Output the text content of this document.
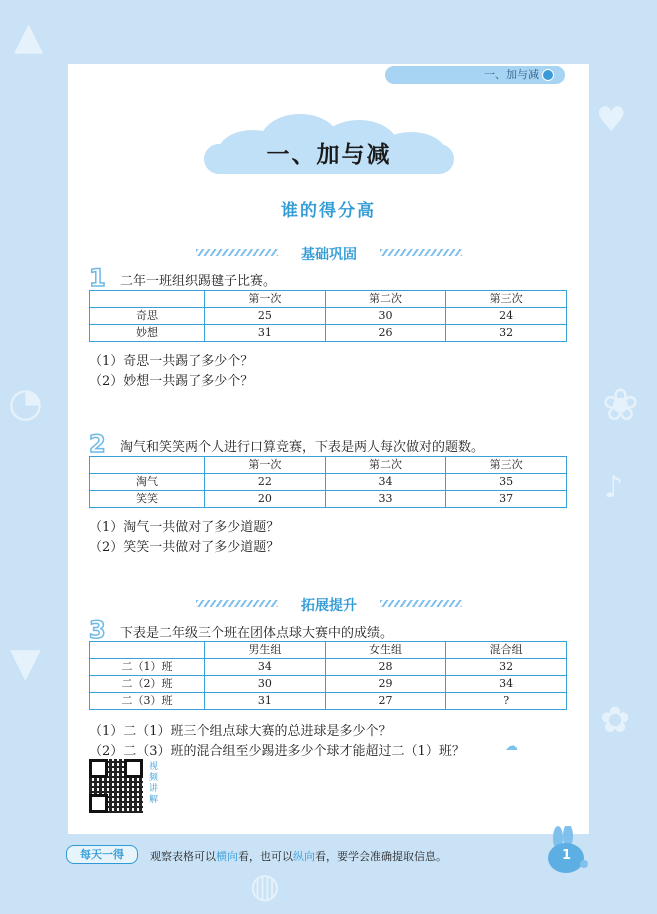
▲
♥
◔	❀
▼
♪
✿
◍
一、加与减
一、加与减
谁的得分高
基础巩固
1 二年一班组织踢毽子比赛。
	第一次	第二次	第三次
奇思	25	30	24
妙想	31	26	32
（1）奇思一共踢了多少个？
（2）妙想一共踢了多少个？
2 淘气和笑笑两个人进行口算竞赛，下表是两人每次做对的题数。
	第一次	第二次	第三次
淘气	22	34	35
笑笑	20	33	37
（1）淘气一共做对了多少道题？
（2）笑笑一共做对了多少道题？
拓展提升
3 下表是二年级三个班在团体点球大赛中的成绩。
	男生组	女生组	混合组
二（1）班	34	28	32
二（2）班	30	29	34
二（3）班	31	27	?
（1）二（1）班三个组点球大赛的总进球是多少个？
（2）二（3）班的混合组至少踢进多少个球才能超过二（1）班？	☁
视频讲解
每天一得	观察表格可以横向看，也可以纵向看，要学会准确提取信息。	1
